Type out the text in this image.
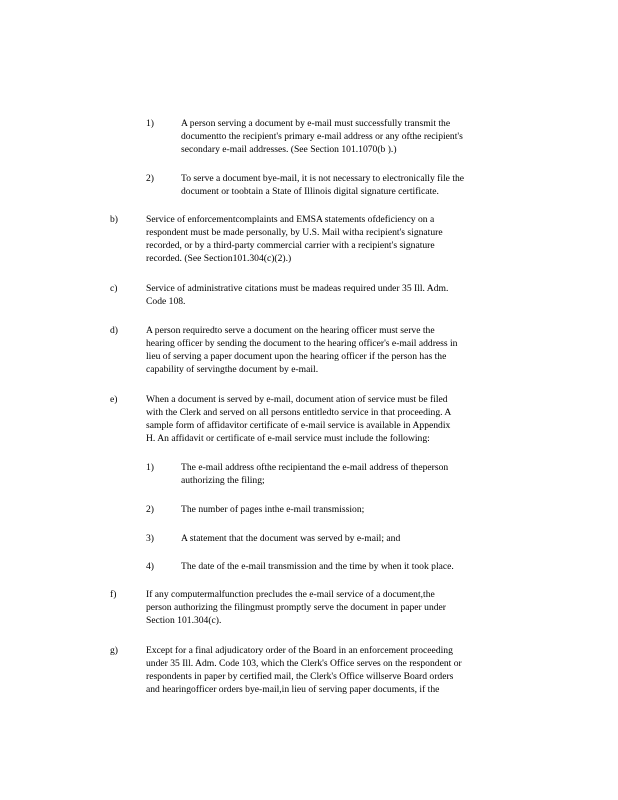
1)	A person serving a document by e-mail must successfully transmit the
documentto the recipient's primary e-mail address or any ofthe recipient's
secondary e-mail addresses. (See Section 101.1070(b ).)
2)	To serve a document bye-mail, it is not necessary to electronically file the
document or toobtain a State of Illinois digital signature certificate.
b)	Service of enforcementcomplaints and EMSA statements ofdeficiency on a
respondent must be made personally, by U.S. Mail witha recipient's signature
recorded, or by a third-party commercial carrier with a recipient's signature
recorded. (See Section101.304(c)(2).)
c)	Service of administrative citations must be madeas required under 35 Ill. Adm.
Code 108.
d)	A person requiredto serve a document on the hearing officer must serve the
hearing officer by sending the document to the hearing officer's e-mail address in
lieu of serving a paper document upon the hearing officer if the person has the
capability of servingthe document by e-mail.
e)	When a document is served by e-mail, document ation of service must be filed
with the Clerk and served on all persons entitledto service in that proceeding. A
sample form of affidavitor certificate of e-mail service is available in Appendix
H. An affidavit or certificate of e-mail service must include the following:
1)	The e-mail address ofthe recipientand the e-mail address of theperson
authorizing the filing;
2)	The number of pages inthe e-mail transmission;
3)	A statement that the document was served by e-mail; and
4)	The date of the e-mail transmission and the time by when it took place.
f)	If any computermalfunction precludes the e-mail service of a document,the
person authorizing the filingmust promptly serve the document in paper under
Section 101.304(c).
g)	Except for a final adjudicatory order of the Board in an enforcement proceeding
under 35 Ill. Adm. Code 103, which the Clerk's Office serves on the respondent or
respondents in paper by certified mail, the Clerk's Office willserve Board orders
and hearingofficer orders bye-mail,in lieu of serving paper documents, if the
